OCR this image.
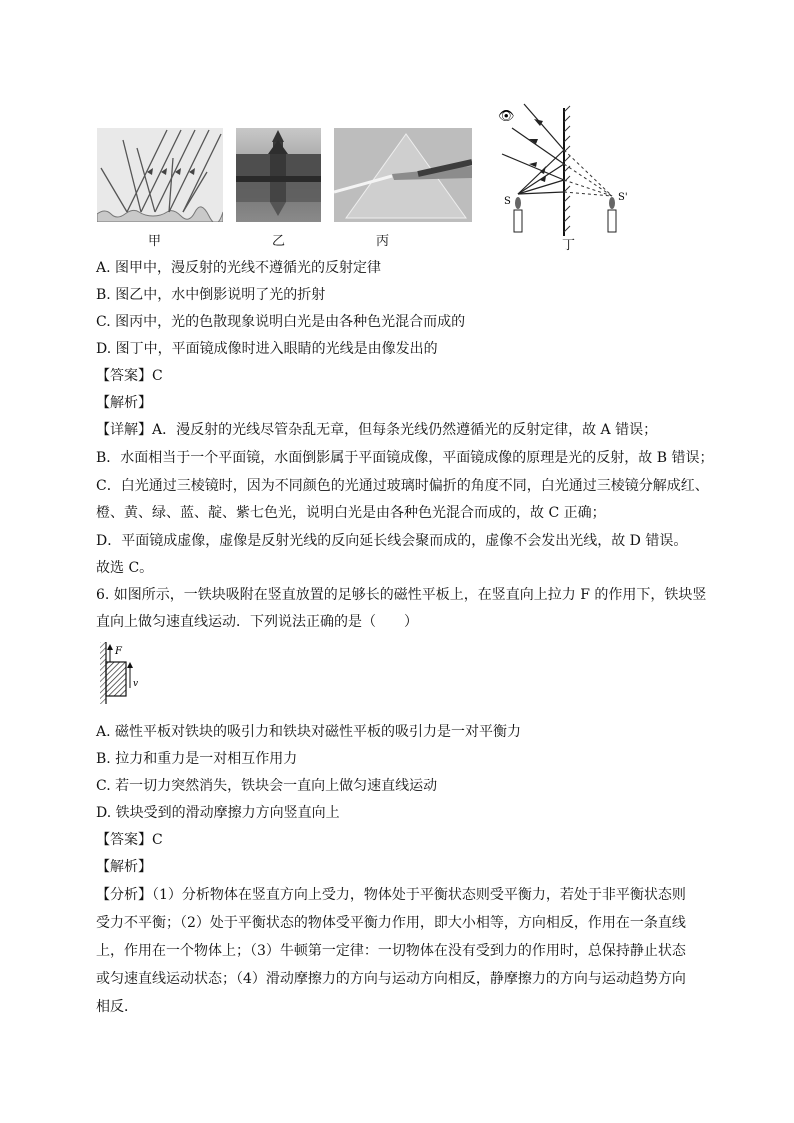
甲	乙	丙
👁
S	S'
丁
A. 图甲中，漫反射的光线不遵循光的反射定律
B. 图乙中，水中倒影说明了光的折射
C. 图丙中，光的色散现象说明白光是由各种色光混合而成的
D. 图丁中，平面镜成像时进入眼睛的光线是由像发出的
【答案】C
【解析】
【详解】A．漫反射的光线尽管杂乱无章，但每条光线仍然遵循光的反射定律，故 A 错误；
B．水面相当于一个平面镜，水面倒影属于平面镜成像，平面镜成像的原理是光的反射，故 B 错误；
C．白光通过三棱镜时，因为不同颜色的光通过玻璃时偏折的角度不同，白光通过三棱镜分解成红、
橙、黄、绿、蓝、靛、紫七色光，说明白光是由各种色光混合而成的，故 C 正确；
D．平面镜成虚像，虚像是反射光线的反向延长线会聚而成的，虚像不会发出光线，故 D 错误。
故选 C。
6. 如图所示，一铁块吸附在竖直放置的足够长的磁性平板上，在竖直向上拉力 F 的作用下，铁块竖
直向上做匀速直线运动．下列说法正确的是（　　）
F
v
A. 磁性平板对铁块的吸引力和铁块对磁性平板的吸引力是一对平衡力
B. 拉力和重力是一对相互作用力
C. 若一切力突然消失，铁块会一直向上做匀速直线运动
D. 铁块受到的滑动摩擦力方向竖直向上
【答案】C
【解析】
【分析】（1）分析物体在竖直方向上受力，物体处于平衡状态则受平衡力，若处于非平衡状态则
受力不平衡；（2）处于平衡状态的物体受平衡力作用，即大小相等，方向相反，作用在一条直线
上，作用在一个物体上；（3）牛顿第一定律：一切物体在没有受到力的作用时，总保持静止状态
或匀速直线运动状态；（4）滑动摩擦力的方向与运动方向相反，静摩擦力的方向与运动趋势方向
相反．
